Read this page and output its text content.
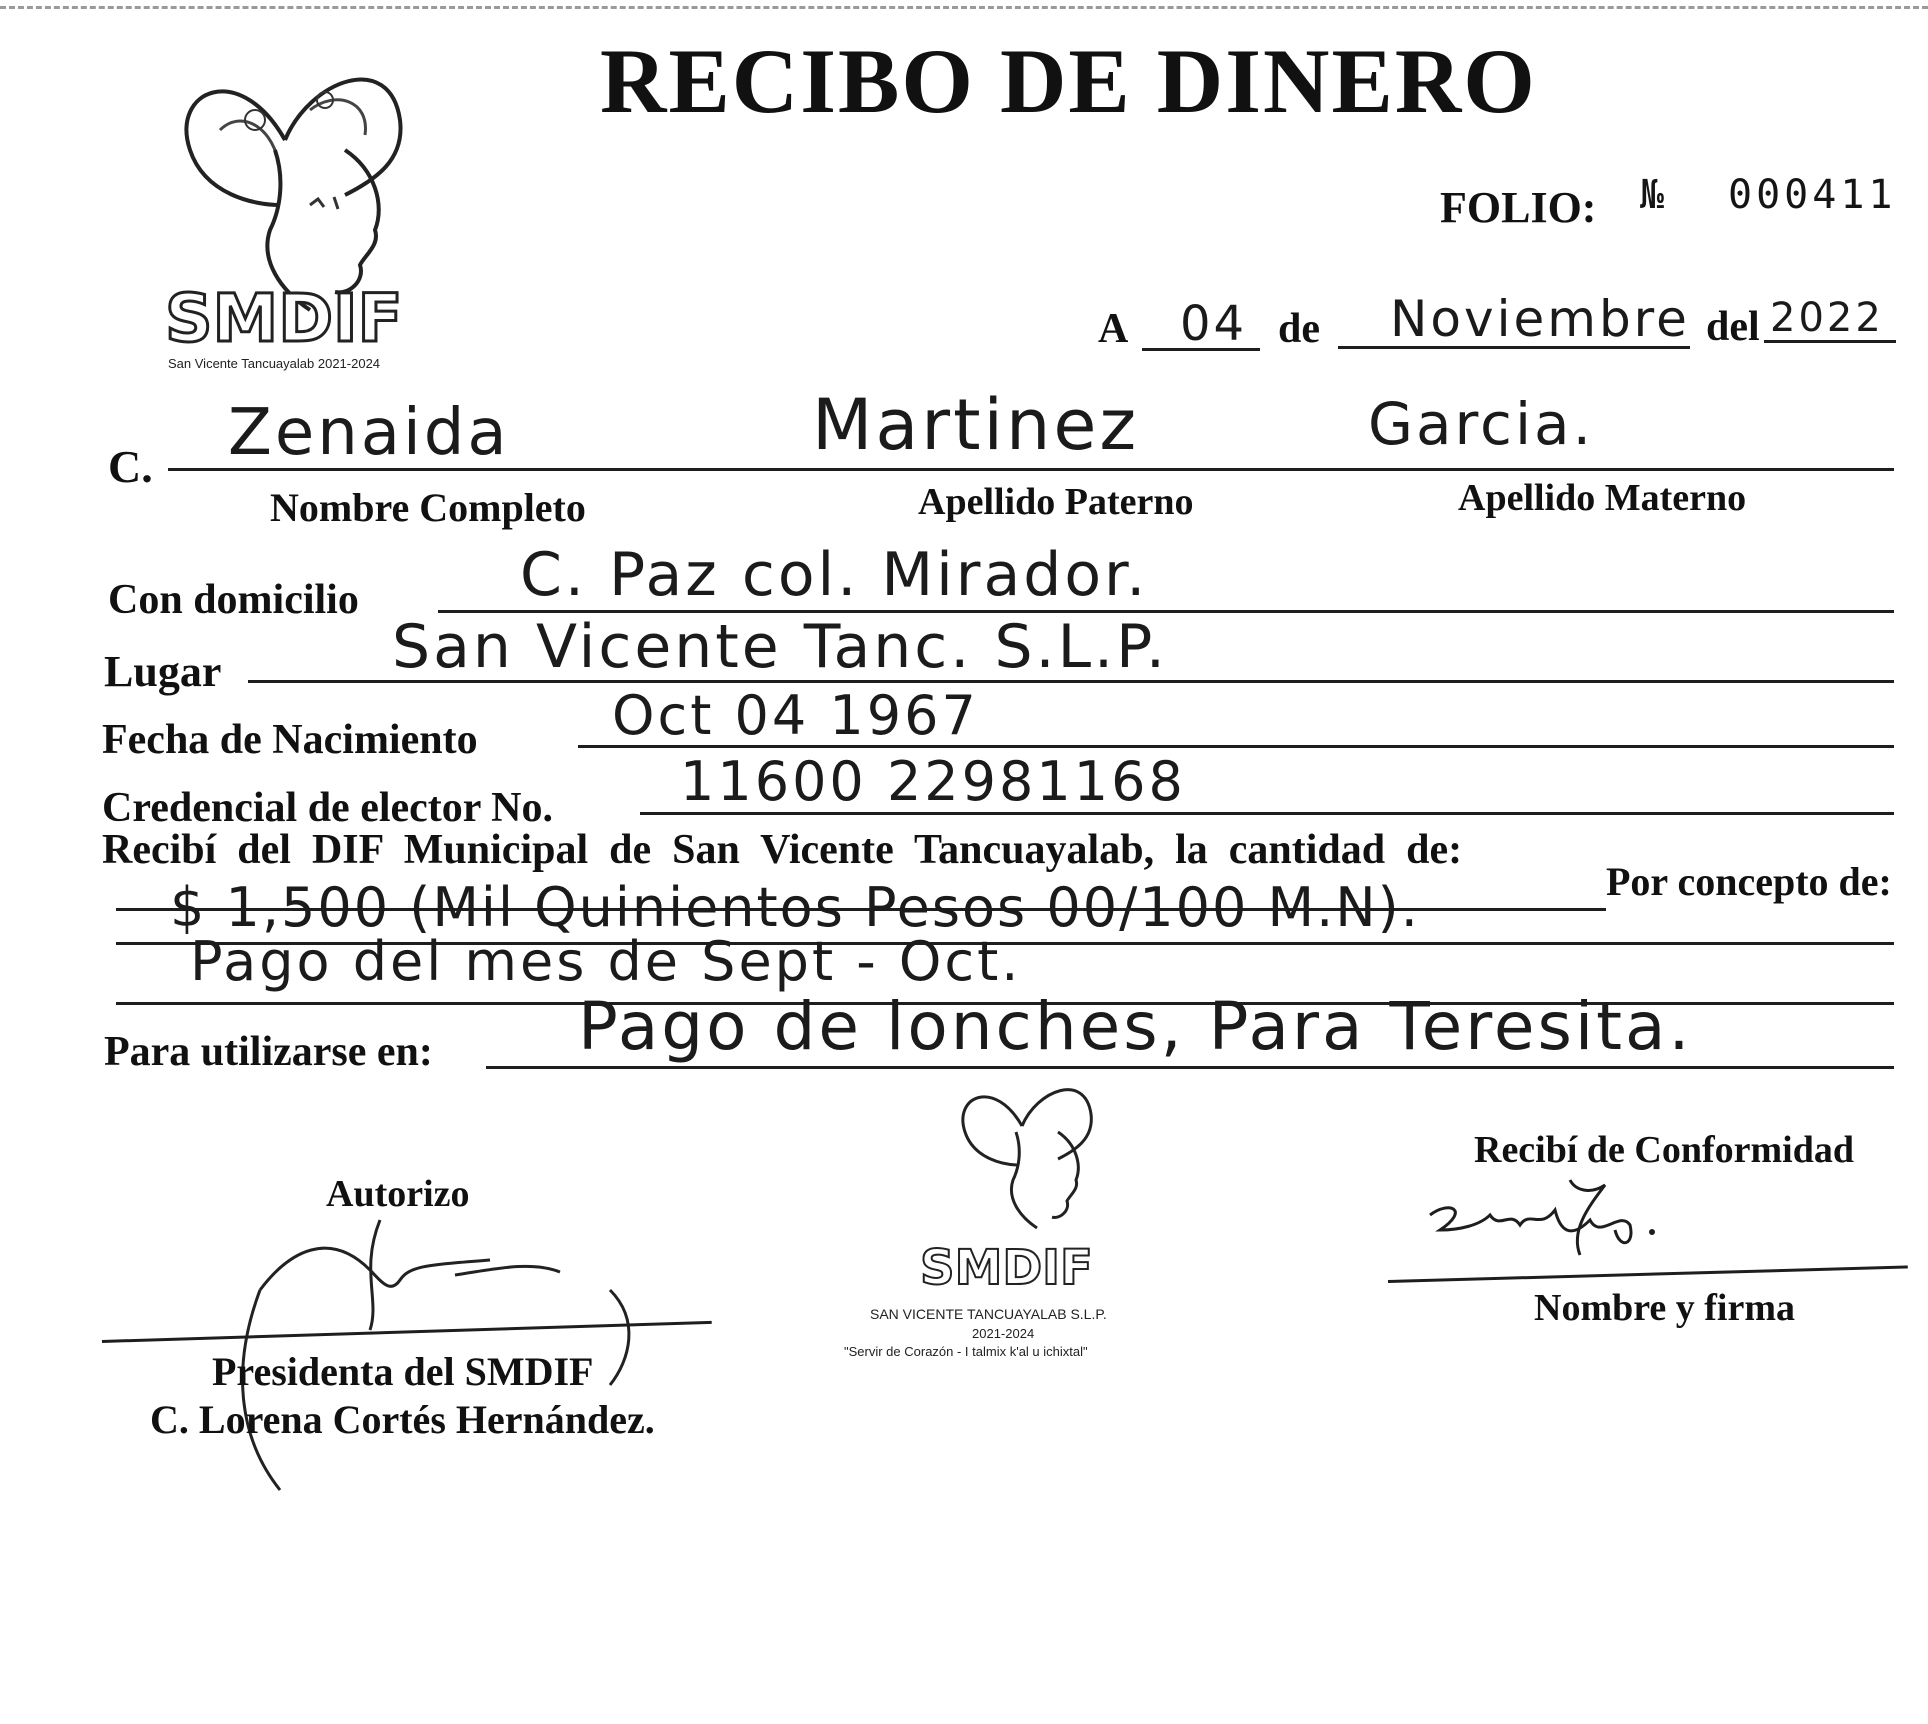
SMDIF
San Vicente Tancuayalab 2021-2024
RECIBO DE DINERO
FOLIO: № 000411
A 04 de Noviembre del 2022
C. Zenaida	Martinez	Garcia.
Nombre Completo	Apellido Paterno	Apellido Materno
Con domicilio	C. Paz col. Mirador.
Lugar	San Vicente Tanc. S.L.P.
Fecha de Nacimiento Oct 04 1967
Credencial de elector No. 11600 22981168
Recibí  del  DIF  Municipal  de  San  Vicente  Tancuayalab,  la  cantidad  de:
$ 1,500 (Mil Quinientos Pesos 00/100 M.N).	Por concepto de:
Pago del mes de Sept - Oct.
Para utilizarse en: Pago de lonches, Para Teresita.
Autorizo
Presidenta del SMDIF
C. Lorena Cortés Hernández.
SMDIF
SAN VICENTE TANCUAYALAB S.L.P.
2021-2024
"Servir de Corazón - I talmix k'al u ichixtal"
Recibí de Conformidad
Nombre y firma
